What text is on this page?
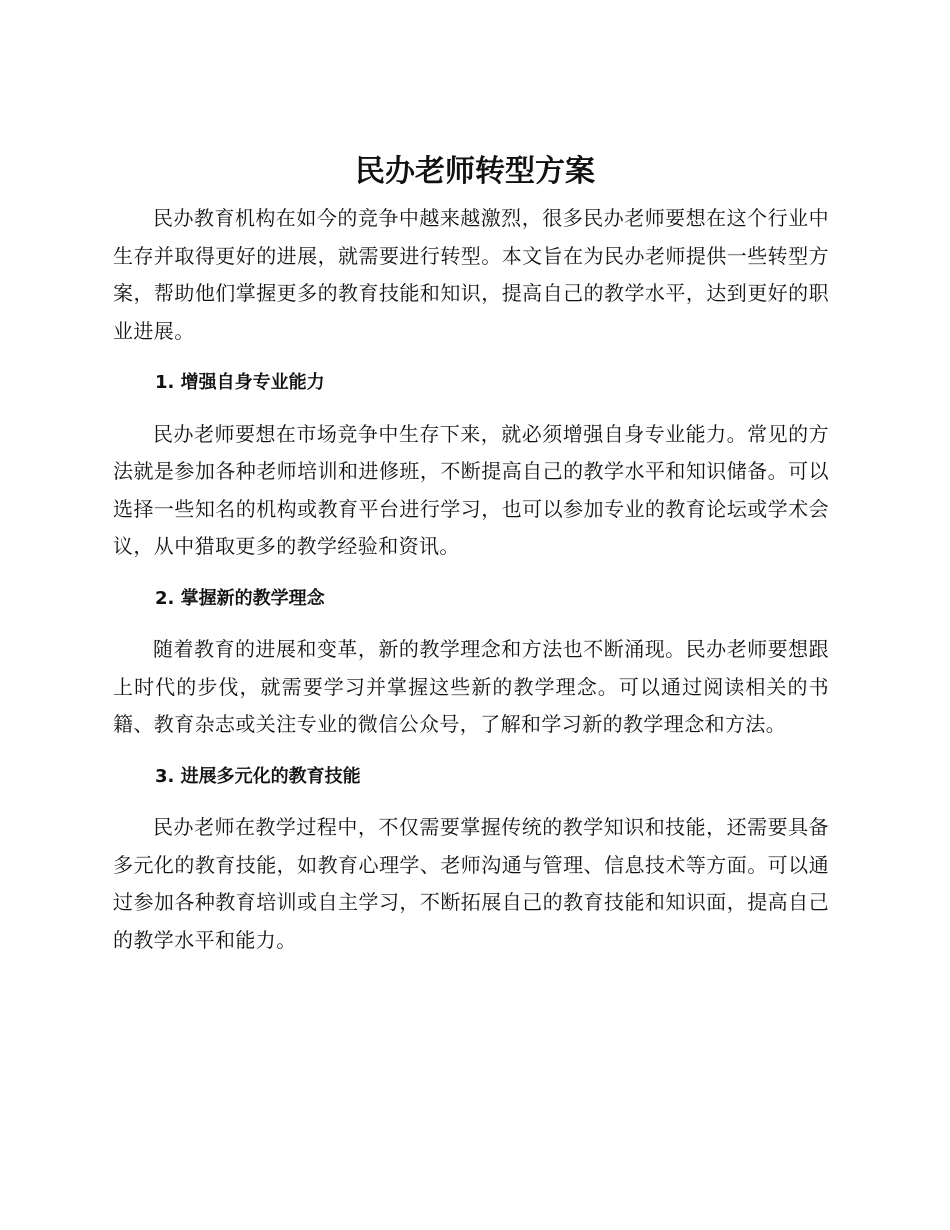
民办老师转型方案

民办教育机构在如今的竞争中越来越激烈，很多民办老师要想在这个行业中生存并取得更好的进展，就需要进行转型。本文旨在为民办老师提供一些转型方案，帮助他们掌握更多的教育技能和知识，提高自己的教学水平，达到更好的职业进展。

1. 增强自身专业能力

民办老师要想在市场竞争中生存下来，就必须增强自身专业能力。常见的方法就是参加各种老师培训和进修班，不断提高自己的教学水平和知识储备。可以选择一些知名的机构或教育平台进行学习，也可以参加专业的教育论坛或学术会议，从中猎取更多的教学经验和资讯。

2. 掌握新的教学理念

随着教育的进展和变革，新的教学理念和方法也不断涌现。民办老师要想跟上时代的步伐，就需要学习并掌握这些新的教学理念。可以通过阅读相关的书籍、教育杂志或关注专业的微信公众号，了解和学习新的教学理念和方法。

3. 进展多元化的教育技能

民办老师在教学过程中，不仅需要掌握传统的教学知识和技能，还需要具备多元化的教育技能，如教育心理学、老师沟通与管理、信息技术等方面。可以通过参加各种教育培训或自主学习，不断拓展自己的教育技能和知识面，提高自己的教学水平和能力。
